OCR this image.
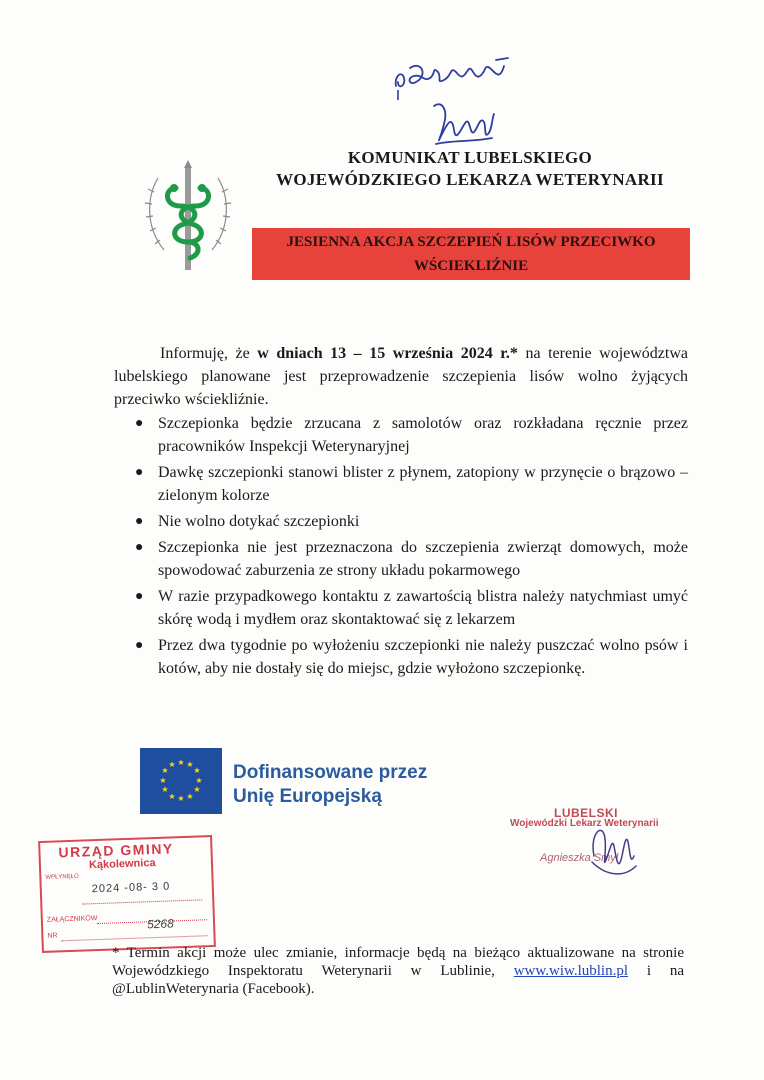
KOMUNIKAT LUBELSKIEGO
WOJEWÓDZKIEGO LEKARZA WETERYNARII
JESIENNA AKCJA SZCZEPIEŃ LISÓW PRZECIWKO
WŚCIEKLIŹNIE

Informuję, że w dniach 13 – 15 września 2024 r.* na terenie województwa lubelskiego planowane jest przeprowadzenie szczepienia lisów wolno żyjących przeciwko wściekliźnie.

● Szczepionka będzie zrzucana z samolotów oraz rozkładana ręcznie przez pracowników Inspekcji Weterynaryjnej
● Dawkę szczepionki stanowi blister z płynem, zatopiony w przynęcie o brązowo – zielonym kolorze
● Nie wolno dotykać szczepionki
● Szczepionka nie jest przeznaczona do szczepienia zwierząt domowych, może spowodować zaburzenia ze strony układu pokarmowego
● W razie przypadkowego kontaktu z zawartością blistra należy natychmiast umyć skórę wodą i mydłem oraz skontaktować się z lekarzem
● Przez dwa tygodnie po wyłożeniu szczepionki nie należy puszczać wolno psów i kotów, aby nie dostały się do miejsc, gdzie wyłożono szczepionkę.
★ ★
★
★
★
★
★
★
★
★
★
★	Dofinansowane przez
Unię Europejską
LUBELSKI
Wojewódzki Lekarz Weterynarii
Agnieszka Smyl
URZĄD GMINY
Kąkolewnica
WPŁYNĘŁO
2024 -08- 3 0
ZAŁĄCZNIKÓW
NR
5268
* Termin akcji może ulec zmianie, informacje będą na bieżąco aktualizowane na stronie Wojewódzkiego Inspektoratu Weterynarii w Lublinie, www.wiw.lublin.pl i na @LublinWeterynaria (Facebook).
